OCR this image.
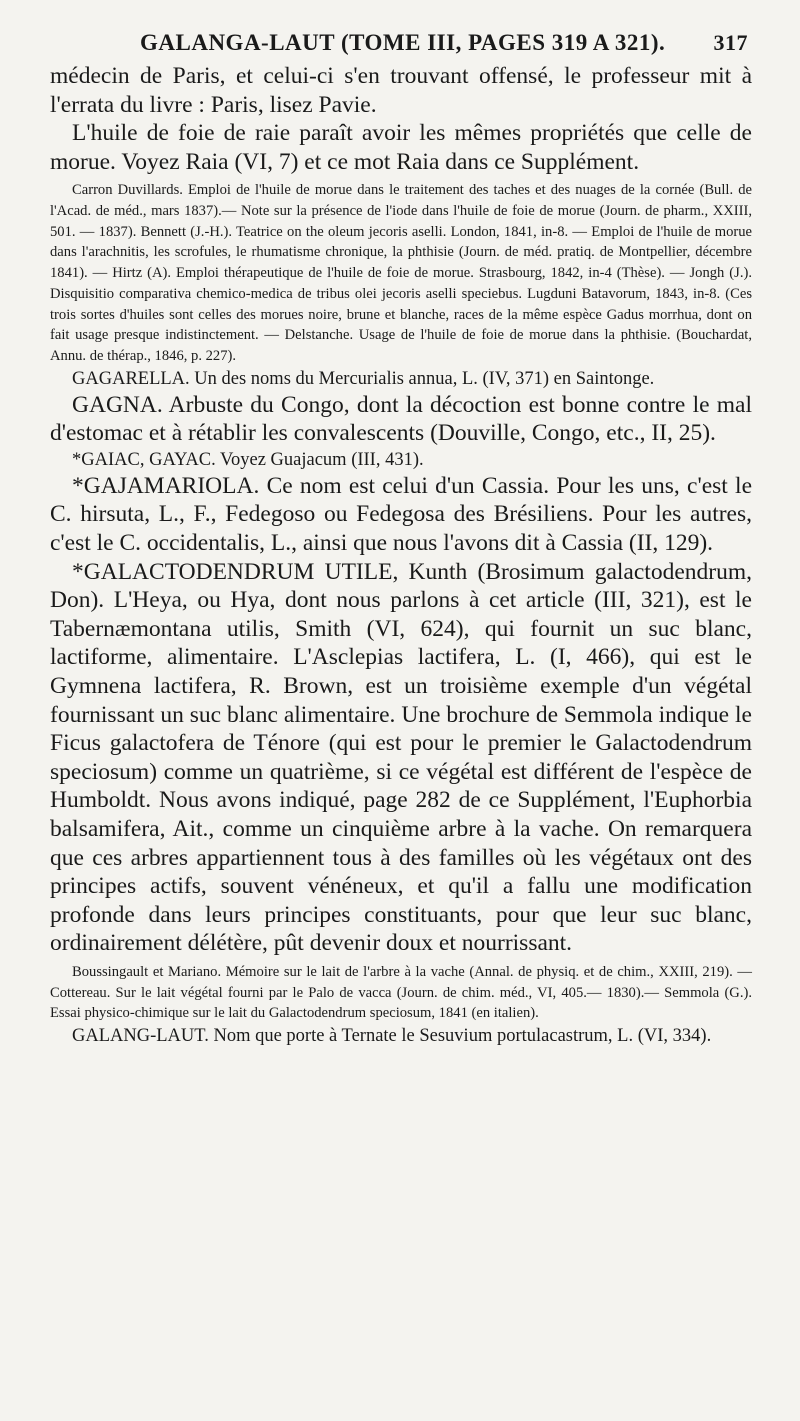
GALANGA-LAUT (TOME III, PAGES 319 A 321). 317

médecin de Paris, et celui-ci s'en trouvant offensé, le professeur mit à l'errata du livre : Paris, lisez Pavie.

L'huile de foie de raie paraît avoir les mêmes propriétés que celle de morue. Voyez Raia (VI, 7) et ce mot Raia dans ce Supplément.

Carron Duvillards. Emploi de l'huile de morue dans le traitement des taches et des nuages de la cornée (Bull. de l'Acad. de méd., mars 1837).— Note sur la présence de l'iode dans l'huile de foie de morue (Journ. de pharm., XXIII, 501. — 1837). Bennett (J.-H.). Teatrice on the oleum jecoris aselli. London, 1841, in-8. — Emploi de l'huile de morue dans l'arachnitis, les scrofules, le rhumatisme chronique, la phthisie (Journ. de méd. pratiq. de Montpellier, décembre 1841). — Hirtz (A). Emploi thérapeutique de l'huile de foie de morue. Strasbourg, 1842, in-4 (Thèse). — Jongh (J.). Disquisitio comparativa chemico-medica de tribus olei jecoris aselli speciebus. Lugduni Batavorum, 1843, in-8. (Ces trois sortes d'huiles sont celles des morues noire, brune et blanche, races de la même espèce Gadus morrhua, dont on fait usage presque indistinctement. — Delstanche. Usage de l'huile de foie de morue dans la phthisie. (Bouchardat, Annu. de thérap., 1846, p. 227).

GAGARELLA. Un des noms du Mercurialis annua, L. (IV, 371) en Saintonge.

GAGNA. Arbuste du Congo, dont la décoction est bonne contre le mal d'estomac et à rétablir les convalescents (Douville, Congo, etc., II, 25).

*GAIAC, GAYAC. Voyez Guajacum (III, 431).

*GAJAMARIOLA. Ce nom est celui d'un Cassia. Pour les uns, c'est le C. hirsuta, L., F., Fedegoso ou Fedegosa des Brésiliens. Pour les autres, c'est le C. occidentalis, L., ainsi que nous l'avons dit à Cassia (II, 129).

*GALACTODENDRUM UTILE, Kunth (Brosimum galactodendrum, Don). L'Heya, ou Hya, dont nous parlons à cet article (III, 321), est le Tabernæmontana utilis, Smith (VI, 624), qui fournit un suc blanc, lactiforme, alimentaire. L'Asclepias lactifera, L. (I, 466), qui est le Gymnena lactifera, R. Brown, est un troisième exemple d'un végétal fournissant un suc blanc alimentaire. Une brochure de Semmola indique le Ficus galactofera de Ténore (qui est pour le premier le Galactodendrum speciosum) comme un quatrième, si ce végétal est différent de l'espèce de Humboldt. Nous avons indiqué, page 282 de ce Supplément, l'Euphorbia balsamifera, Ait., comme un cinquième arbre à la vache. On remarquera que ces arbres appartiennent tous à des familles où les végétaux ont des principes actifs, souvent vénéneux, et qu'il a fallu une modification profonde dans leurs principes constituants, pour que leur suc blanc, ordinairement délétère, pût devenir doux et nourrissant.

Boussingault et Mariano. Mémoire sur le lait de l'arbre à la vache (Annal. de physiq. et de chim., XXIII, 219). — Cottereau. Sur le lait végétal fourni par le Palo de vacca (Journ. de chim. méd., VI, 405.— 1830).— Semmola (G.). Essai physico-chimique sur le lait du Galactodendrum speciosum, 1841 (en italien).

GALANG-LAUT. Nom que porte à Ternate le Sesuvium portulacastrum, L. (VI, 334).
